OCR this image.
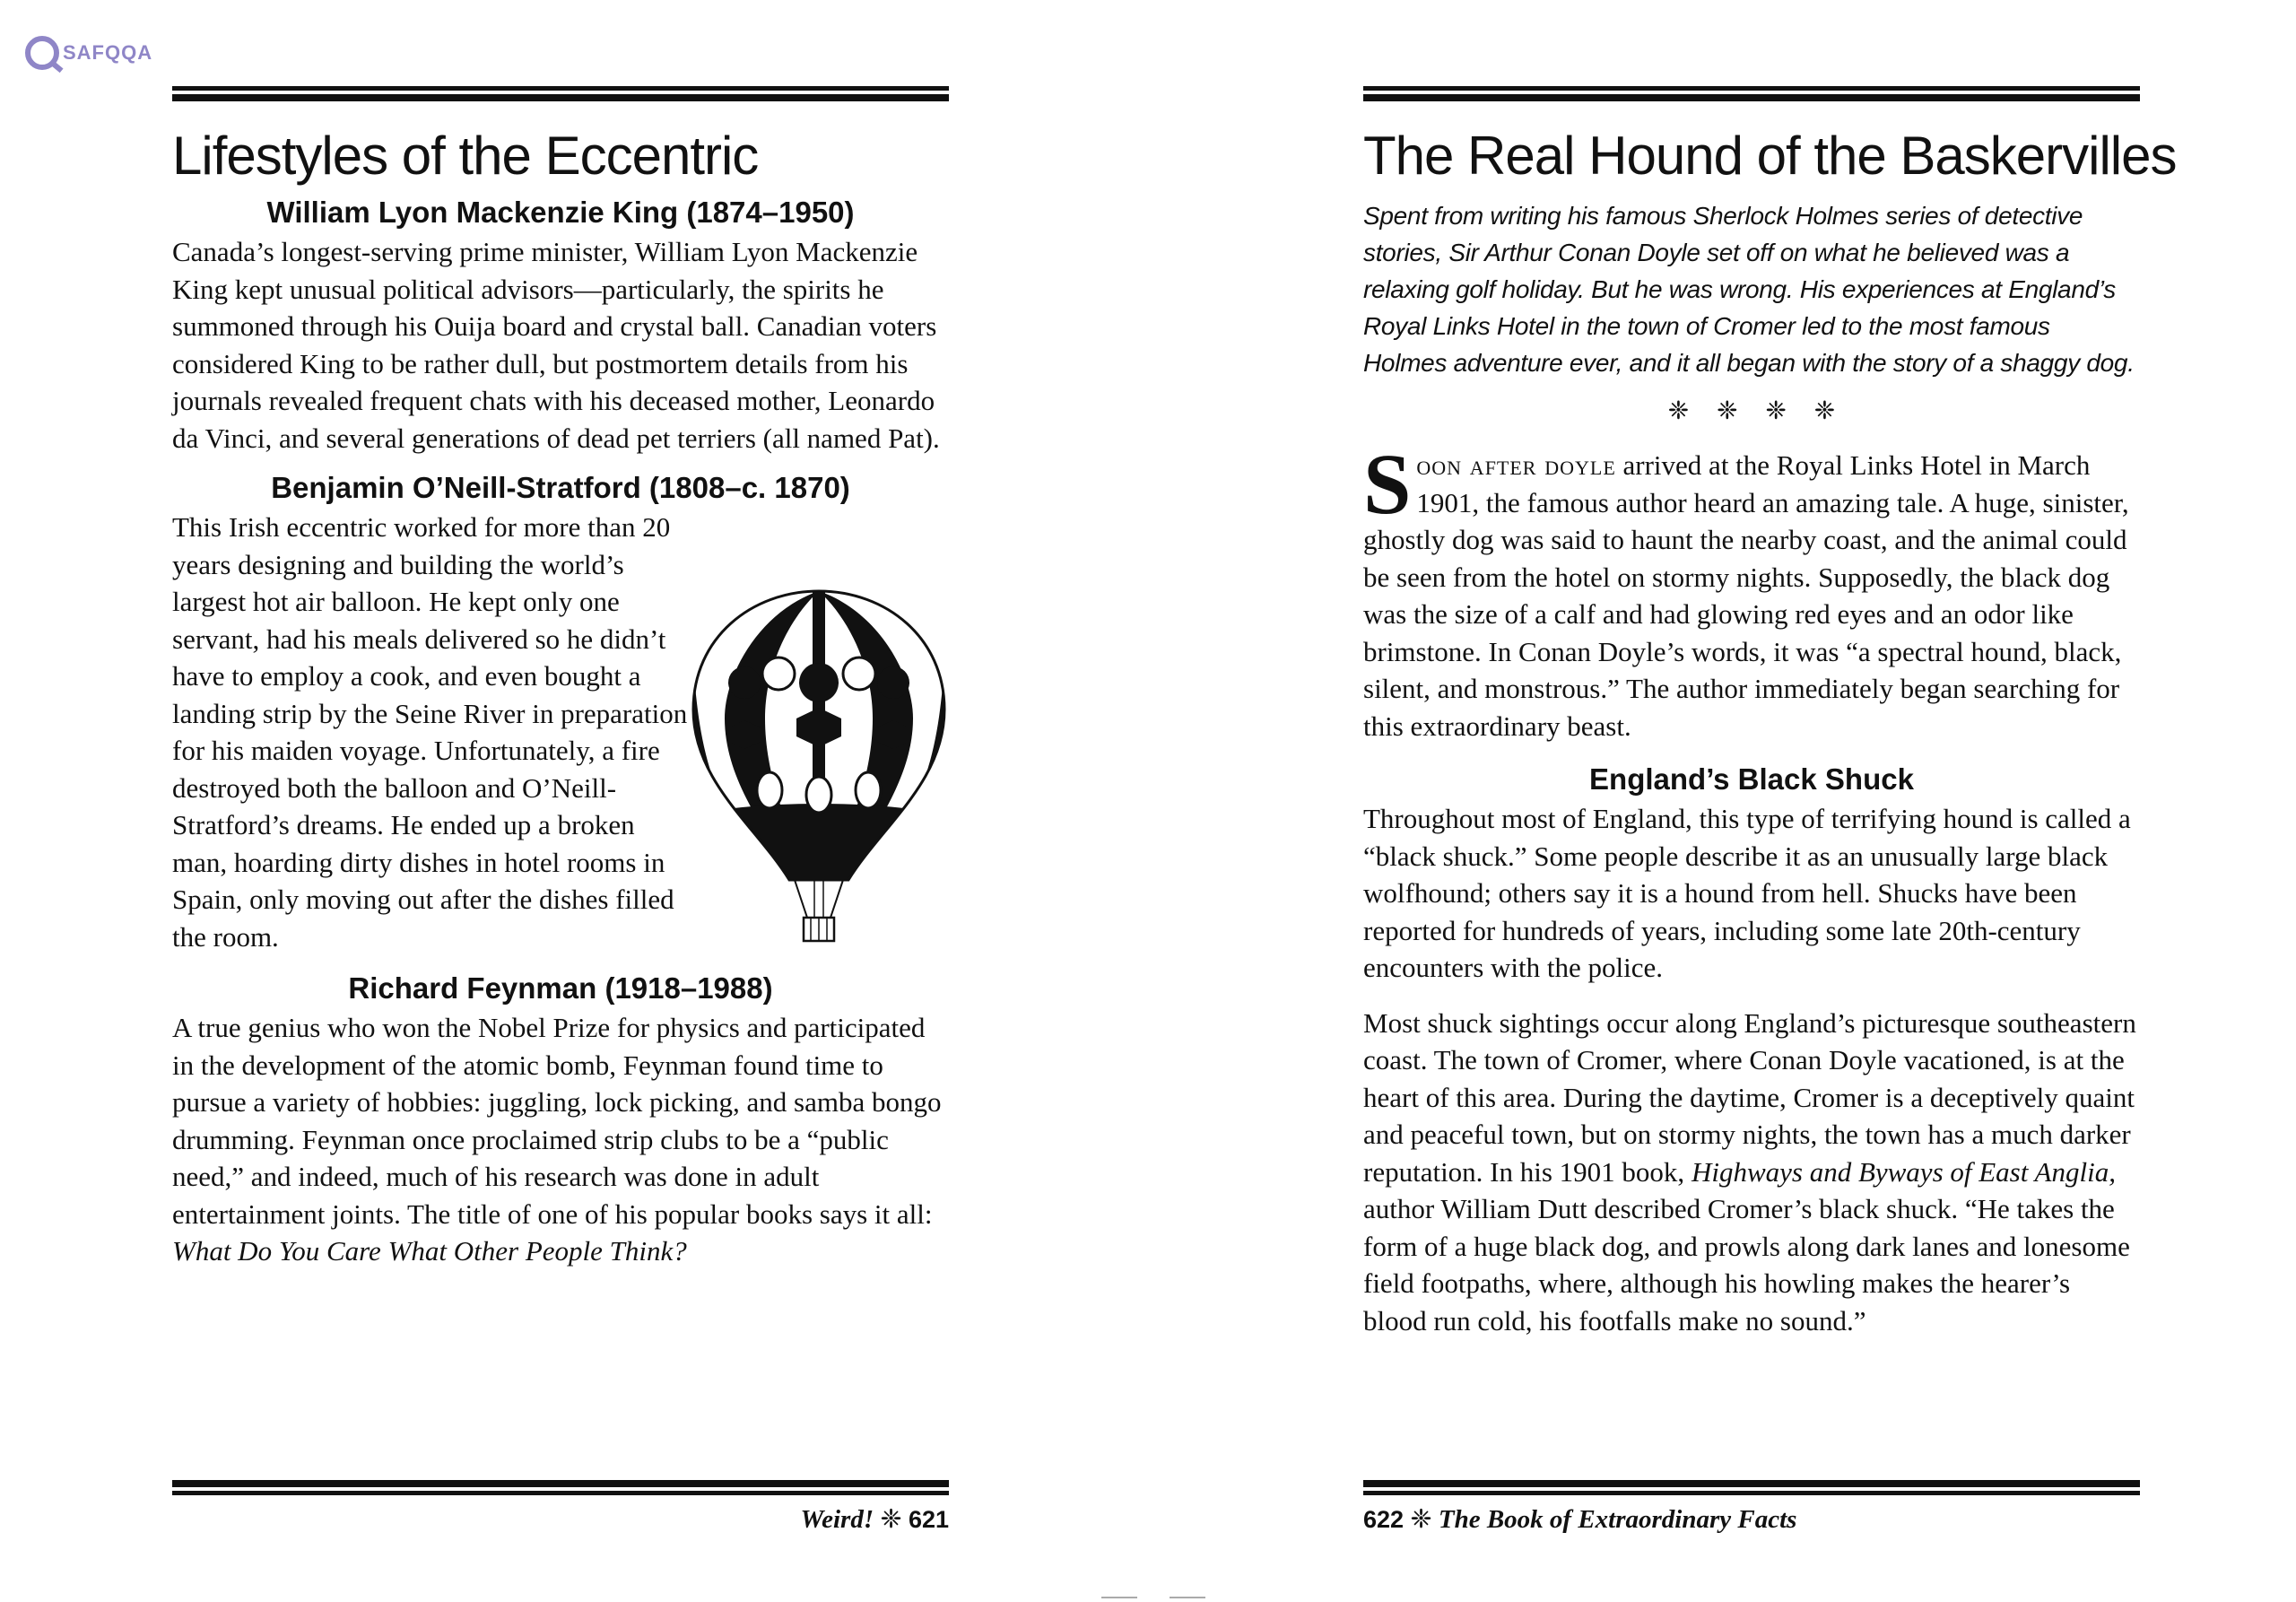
SAFQQA
Lifestyles of the Eccentric
William Lyon Mackenzie King (1874–1950)

Canada’s longest-serving prime minister, William Lyon Mackenzie King kept unusual political advisors—particularly, the spirits he summoned through his Ouija board and crystal ball. Canadian voters considered King to be rather dull, but postmortem details from his journals revealed frequent chats with his deceased mother, Leonardo da Vinci, and several generations of dead pet terriers (all named Pat).

Benjamin O’Neill-Stratford (1808–c. 1870)

This Irish eccentric worked for more than 20 years designing and building the world’s largest hot air balloon. He kept only one servant, had his meals delivered so he didn’t have to employ a cook, and even bought a landing strip by the Seine River in preparation for his maiden voyage. Unfortunately, a fire destroyed both the balloon and O’Neill-Stratford’s dreams. He ended up a broken man, hoarding dirty dishes in hotel rooms in Spain, only moving out after the dishes filled the room.

Richard Feynman (1918–1988)

A true genius who won the Nobel Prize for physics and participated in the development of the atomic bomb, Feynman found time to pursue a variety of hobbies: juggling, lock picking, and samba bongo drumming. Feynman once proclaimed strip clubs to be a “public need,” and indeed, much of his research was done in adult entertainment joints. The title of one of his popular books says it all: What Do You Care What Other People Think?

Weird! ❈ 621
The Real Hound of the Baskervilles

Spent from writing his famous Sherlock Holmes series of detective stories, Sir Arthur Conan Doyle set off on what he believed was a relaxing golf holiday. But he was wrong. His experiences at England’s Royal Links Hotel in the town of Cromer led to the most famous Holmes adventure ever, and it all began with the story of a shaggy dog.

❈ ❈ ❈ ❈

Soon after doyle arrived at the Royal Links Hotel in March 1901, the famous author heard an amazing tale. A huge, sinister, ghostly dog was said to haunt the nearby coast, and the animal could be seen from the hotel on stormy nights. Supposedly, the black dog was the size of a calf and had glowing red eyes and an odor like brimstone. In Conan Doyle’s words, it was “a spectral hound, black, silent, and monstrous.” The author immediately began searching for this extraordinary beast.

England’s Black Shuck

Throughout most of England, this type of terrifying hound is called a “black shuck.” Some people describe it as an unusually large black wolfhound; others say it is a hound from hell. Shucks have been reported for hundreds of years, including some late 20th-century encounters with the police.

Most shuck sightings occur along England’s picturesque southeastern coast. The town of Cromer, where Conan Doyle vacationed, is at the heart of this area. During the daytime, Cromer is a deceptively quaint and peaceful town, but on stormy nights, the town has a much darker reputation. In his 1901 book, Highways and Byways of East Anglia, author William Dutt described Cromer’s black shuck. “He takes the form of a huge black dog, and prowls along dark lanes and lonesome field footpaths, where, although his howling makes the hearer’s blood run cold, his footfalls make no sound.”

622 ❈ The Book of Extraordinary Facts
